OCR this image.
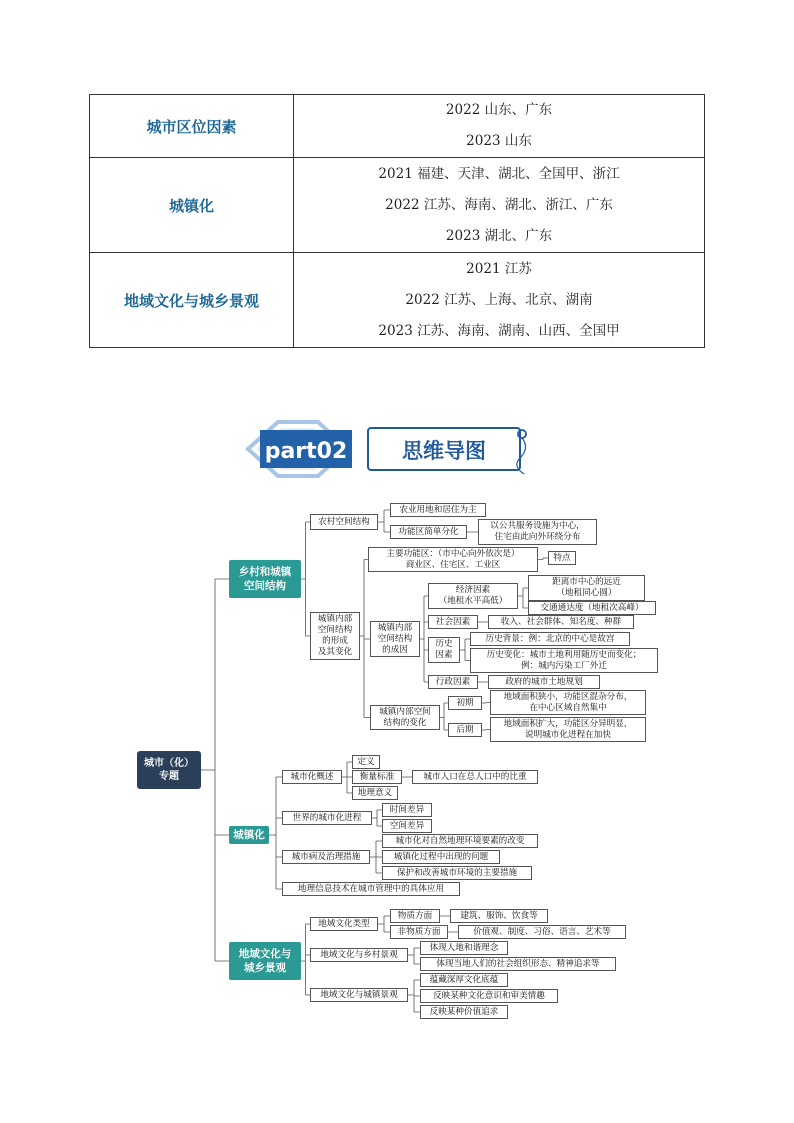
城市区位因素	2022 山东、广东
2023 山东

城镇化	2021 福建、天津、湖北、全国甲、浙江
2022 江苏、海南、湖北、浙江、广东
2023 湖北、广东

地域文化与城乡景观	2021 江苏
2022 江苏、上海、北京、湖南
2023 江苏、海南、湖南、山西、全国甲
part02	思维导图
城市（化）
专题
乡村和城镇
空间结构
城镇化
地域文化与
城乡景观
农村空间结构
农业用地和居住为主
功能区简单分化
以公共服务设施为中心，
住宅由此向外环绕分布
城镇内部
空间结构
的形成
及其变化
主要功能区：（市中心向外依次是）
商业区、住宅区、工业区
特点
城镇内部
空间结构
的成因
经济因素
（地租水平高低）
距离市中心的远近
（地租同心圆）
交通通达度（地租次高峰）
社会因素	收入、社会群体、知名度、种群
历史
因素
历史背景：例：北京的中心是故宫
历史变化：城市土地利用随历史而变化；
例：城内污染工厂外迁
行政因素	政府的城市土地规划
城镇内部空间
结构的变化
初期
地域面积狭小，功能区混杂分布，
在中心区域自然集中
后期
地域面积扩大，功能区分异明显，
说明城市化进程在加快
城市化概述
定义
衡量标准	城市人口在总人口中的比重
地理意义
世界的城市化进程
时间差异
空间差异
城市病及治理措施
城市化对自然地理环境要素的改变
城镇化过程中出现的问题
保护和改善城市环境的主要措施
地理信息技术在城市管理中的具体应用
地域文化类型
物质方面	建筑、服饰、饮食等
非物质方面	价值观、制度、习俗、语言、艺术等
地域文化与乡村景观
体现人地和谐理念
体现当地人们的社会组织形态、精神追求等
地域文化与城镇景观
蕴藏深厚文化底蕴
反映某种文化意识和审美情趣
反映某种价值追求
